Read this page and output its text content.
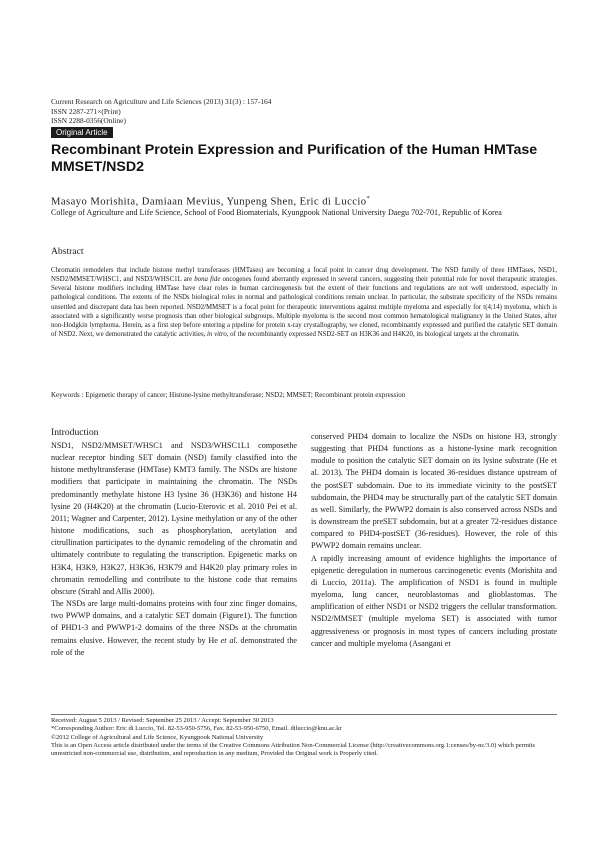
Current Research on Agriculture and Life Sciences (2013) 31(3) : 157-164
ISSN 2287-271×(Print)
ISSN 2288-0356(Online)
Original Article
Recombinant Protein Expression and Purification of the Human HMTase MMSET/NSD2
Masayo Morishita, Damiaan Mevius, Yunpeng Shen, Eric di Luccio*
College of Agriculture and Life Science, School of Food Biomaterials, Kyungpook National University Daegu 702-701, Republic of Korea
Abstract
Chromatin remodelers that include histone methyl transferases (HMTases) are becoming a focal point in cancer drug development. The NSD family of three HMTases, NSD1, NSD2/MMSET/WHSC1, and NSD3/WHSC1L are bona fide oncogenes found aberrantly expressed in several cancers, suggesting their potential role for novel therapeutic strategies. Several histone modifiers including HMTase have clear roles in human carcinogenesis but the extent of their functions and regulations are not well understood, especially in pathological conditions. The extents of the NSDs biological roles in normal and pathological conditions remain unclear. In particular, the substrate specificity of the NSDs remains unsettled and discrepant data has been reported. NSD2/MMSET is a focal point for therapeutic interventions against multiple myeloma and especially for t(4;14) myeloma, which is associated with a significantly worse prognosis than other biological subgroups. Multiple myeloma is the second most common hematological malignancy in the United States, after non-Hodgkin lymphoma. Herein, as a first step before entering a pipeline for protein x-ray crystallography, we cloned, recombinantly expressed and purified the catalytic SET domain of NSD2. Next, we demonstrated the catalytic activities, in vitro, of the recombinantly expressed NSD2-SET on H3K36 and H4K20, its biological targets at the chromatin.
Keywords : Epigenetic therapy of cancer; Histone-lysine methyltransferase; NSD2; MMSET; Recombinant protein expression
Introduction

NSD1, NSD2/MMSET/WHSC1 and NSD3/WHSC1L1 composethe nuclear receptor binding SET domain (NSD) family classified into the histone methyltransferase (HMTase) KMT3 family. The NSDs are histone modifiers that participate in maintaining the chromatin. The NSDs predominantly methylate histone H3 lysine 36 (H3K36) and histone H4 lysine 20 (H4K20) at the chromatin (Lucio-Eterovic et al. 2010 Pei et al. 2011; Wagner and Carpenter, 2012). Lysine methylation or any of the other histone modifications, such as phosphorylation, acetylation and citrullination participates to the dynamic remodeling of the chromatin and ultimately contribute to regulating the transcription. Epigenetic marks on H3K4, H3K9, H3K27, H3K36, H3K79 and H4K20 play primary roles in chromatin remodelling and contribute to the histone code that remains obscure (Strahl and Allis 2000).

The NSDs are large multi-domains proteins with four zinc finger domains, two PWWP domains, and a catalytic SET domain (Figure1). The function of PHD1-3 and PWWP1-2 domains of the three NSDs at the chromatin remains elusive. However, the recent study by He et al. demonstrated the role of the

conserved PHD4 domain to localize the NSDs on histone H3, strongly suggesting that PHD4 functions as a histone-lysine mark recognition module to position the catalytic SET domain on its lysine substrate (He et al. 2013). The PHD4 domain is located 36-residues distance upstream of the postSET subdomain. Due to its immediate vicinity to the postSET subdomain, the PHD4 may be structurally part of the catalytic SET domain as well. Similarly, the PWWP2 domain is also conserved across NSDs and is downstream the preSET subdomain, but at a greater 72-residues distance compared to PHD4-postSET (36-residues). However, the role of this PWWP2 domain remains unclear.

A rapidly increasing amount of evidence highlights the importance of epigenetic deregulation in numerous carcinogenetic events (Morishita and di Luccio, 2011a). The amplification of NSD1 is found in multiple myeloma, lung cancer, neuroblastomas and glioblastomas. The amplification of either NSD1 or NSD2 triggers the cellular transformation. NSD2/MMSET (multiple myeloma SET) is associated with tumor aggressiveness or prognosis in most types of cancers including prostate cancer and multiple myeloma (Asangani et

Received: August 5 2013 / Revised: September 25 2013 / Accept: September 30 2013
*Corresponding Author: Eric di Luccio, Tel. 82-53-950-5756, Fax. 82-53-950-6750, Email. diluccio@knu.ac.kr
©2012 College of Agricultural and Life Science, Kyungpook National University
This is an Open Access article distributed under the terms of the Creative Commons Attribution Non-Commercial License (http://creativecommons.org.1:censes/by-nc/3.0) which permits unrestricted non-commercial use, distribution, and reproduction in any medium, Provided the Original work is Properly cited.
